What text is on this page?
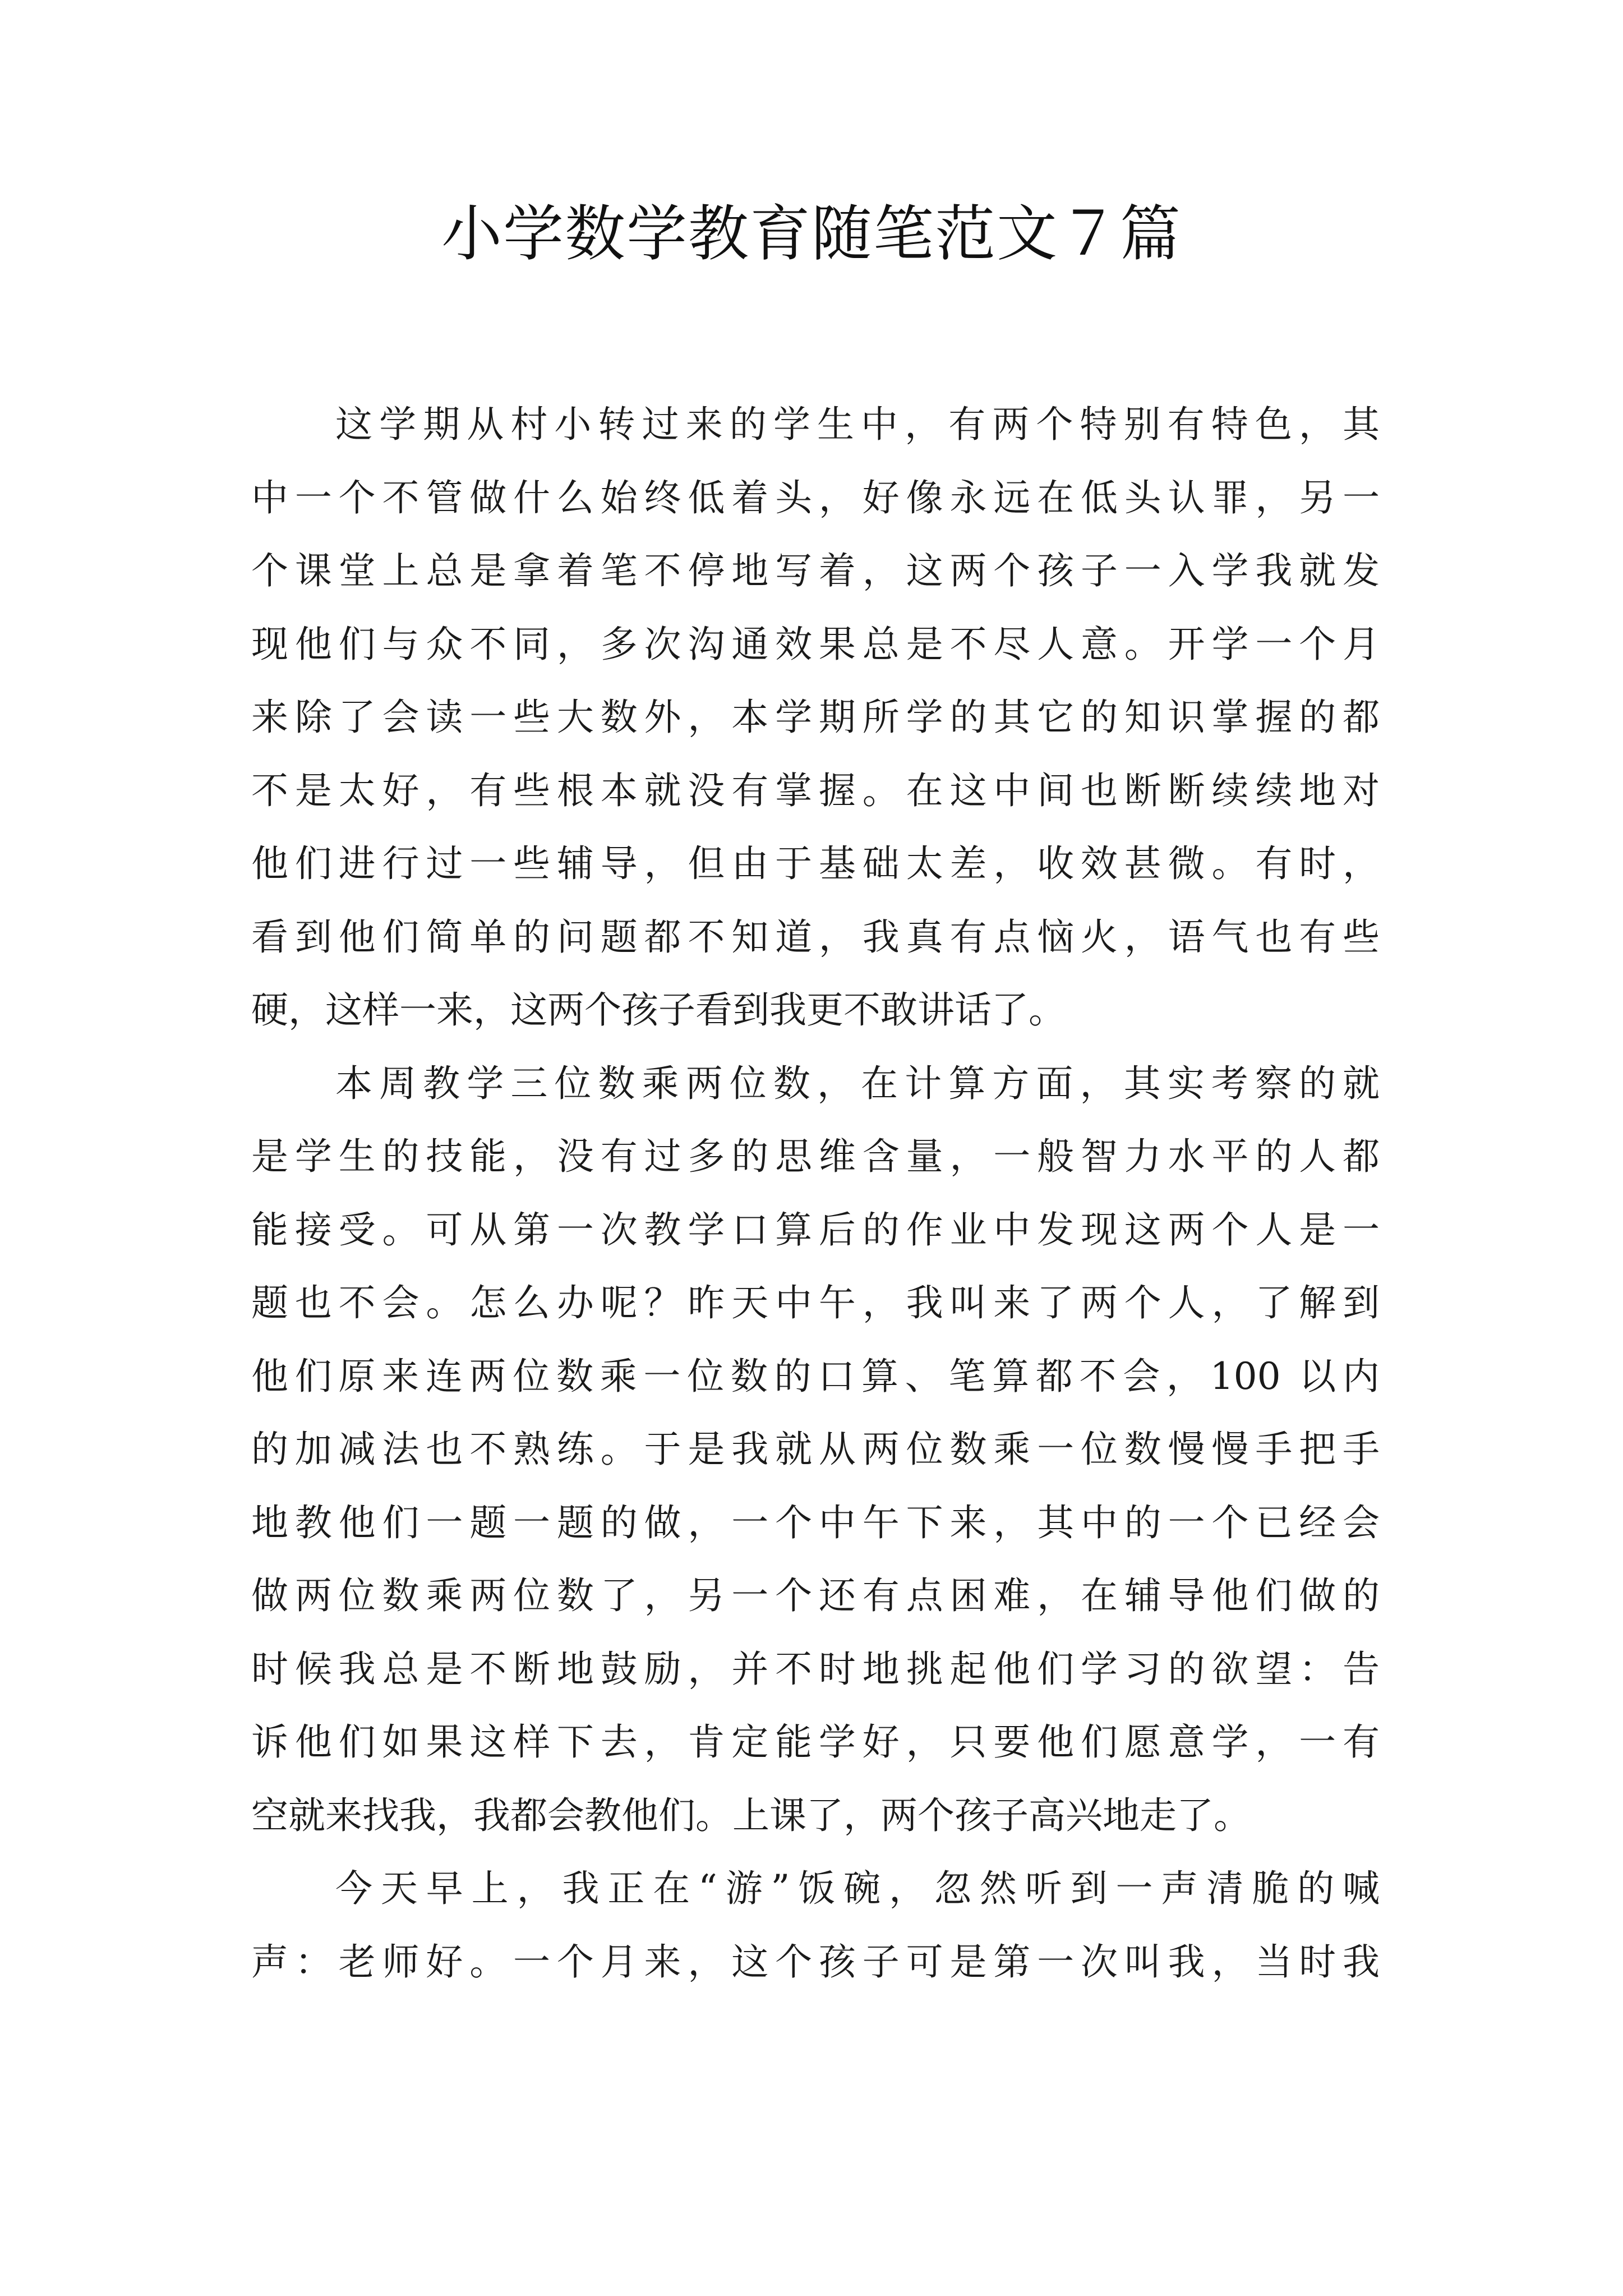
小学数学教育随笔范文７篇
这学期从村小转过来的学生中，有两个特别有特色，其
中一个不管做什么始终低着头，好像永远在低头认罪，另一
个课堂上总是拿着笔不停地写着，这两个孩子一入学我就发
现他们与众不同，多次沟通效果总是不尽人意。开学一个月
来除了会读一些大数外，本学期所学的其它的知识掌握的都
不是太好，有些根本就没有掌握。在这中间也断断续续地对
他们进行过一些辅导，但由于基础太差，收效甚微。有时，
看到他们简单的问题都不知道，我真有点恼火，语气也有些
硬，这样一来，这两个孩子看到我更不敢讲话了。
本周教学三位数乘两位数，在计算方面，其实考察的就
是学生的技能，没有过多的思维含量，一般智力水平的人都
能接受。可从第一次教学口算后的作业中发现这两个人是一
题也不会。怎么办呢？昨天中午，我叫来了两个人，了解到
他们原来连两位数乘一位数的口算、笔算都不会，100 以内
的加减法也不熟练。于是我就从两位数乘一位数慢慢手把手
地教他们一题一题的做，一个中午下来，其中的一个已经会
做两位数乘两位数了，另一个还有点困难，在辅导他们做的
时候我总是不断地鼓励，并不时地挑起他们学习的欲望：告
诉他们如果这样下去，肯定能学好，只要他们愿意学，一有
空就来找我，我都会教他们。上课了，两个孩子高兴地走了。
今天早上，我正在“游”饭碗，忽然听到一声清脆的喊
声：老师好。一个月来，这个孩子可是第一次叫我，当时我
